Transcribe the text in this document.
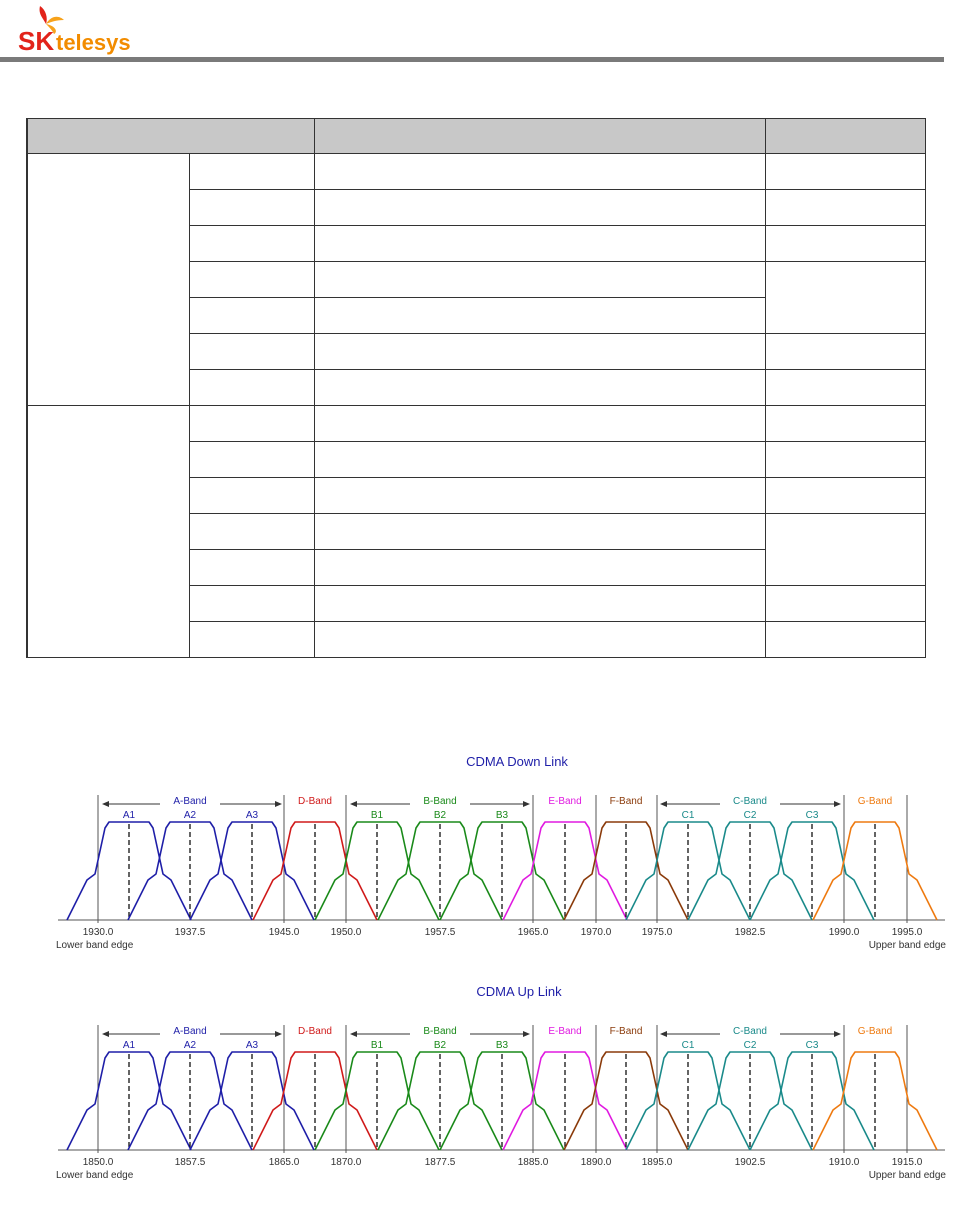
SK telesys

CDMA Down Link
A-Band	D-Band	B-Band	E-Band	F-Band	C-Band	G-Band
A1	A2	A3	B1	B2	B3	C1	C2	C3
1930.0	1937.5	1945.0	1950.0	1957.5	1965.0	1970.0	1975.0	1982.5	1990.0	1995.0
Lower band edge	Upper band edge
CDMA Up Link
A-Band	D-Band	B-Band	E-Band	F-Band	C-Band	G-Band
A1	A2	A3	B1	B2	B3	C1	C2	C3
1850.0	1857.5	1865.0	1870.0	1877.5	1885.0	1890.0	1895.0	1902.5	1910.0	1915.0
Lower band edge	Upper band edge
